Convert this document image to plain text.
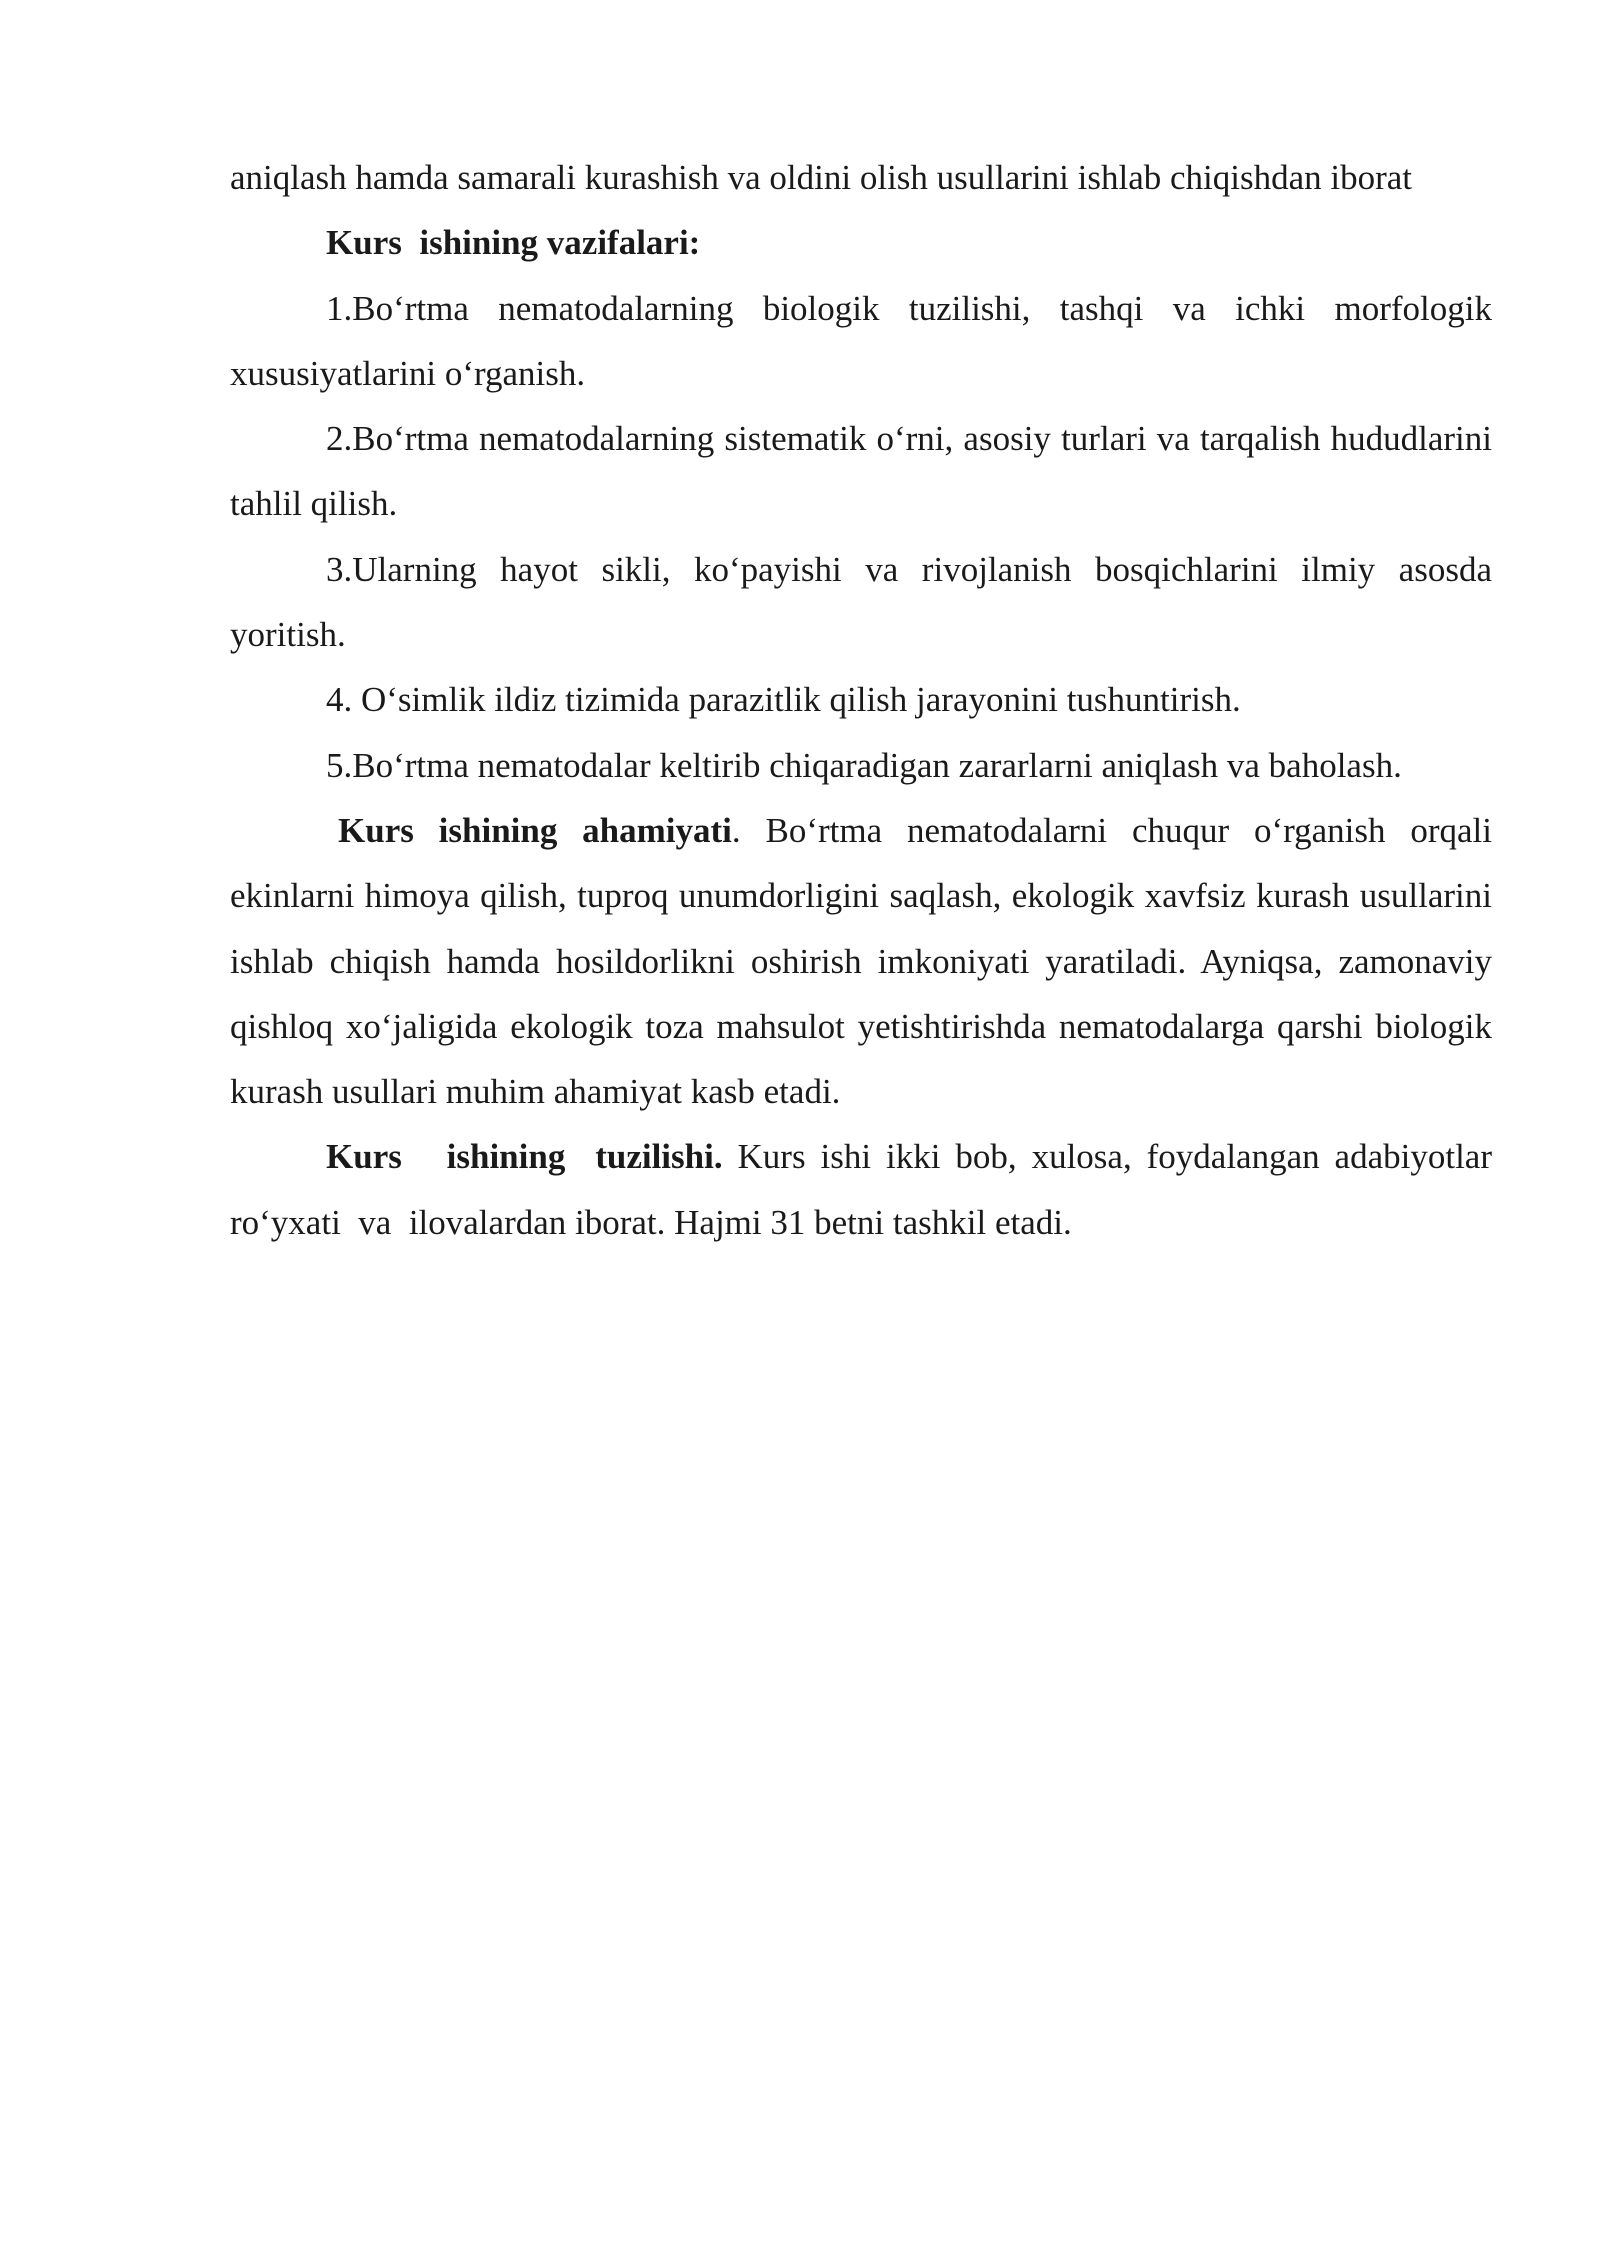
aniqlash hamda samarali kurashish va oldini olish usullarini ishlab chiqishdan iborat

Kurs  ishining vazifalari:

1.Bo‘rtma nematodalarning biologik tuzilishi, tashqi va ichki morfologik xususiyatlarini o‘rganish.

2.Bo‘rtma nematodalarning sistematik o‘rni, asosiy turlari va tarqalish hududlarini tahlil qilish.

3.Ularning hayot sikli, ko‘payishi va rivojlanish bosqichlarini ilmiy asosda yoritish.

4. O‘simlik ildiz tizimida parazitlik qilish jarayonini tushuntirish.

5.Bo‘rtma nematodalar keltirib chiqaradigan zararlarni aniqlash va baholash.

Kurs ishining ahamiyati. Bo‘rtma nematodalarni chuqur o‘rganish orqali ekinlarni himoya qilish, tuproq unumdorligini saqlash, ekologik xavfsiz kurash usullarini ishlab chiqish hamda hosildorlikni oshirish imkoniyati yaratiladi. Ayniqsa, zamonaviy qishloq xo‘jaligida ekologik toza mahsulot yetishtirishda nematodalarga qarshi biologik kurash usullari muhim ahamiyat kasb etadi.

Kurs   ishining  tuzilishi. Kurs ishi ikki bob, xulosa, foydalangan adabiyotlar  ro‘yxati  va  ilovalardan iborat. Hajmi 31 betni tashkil etadi.
